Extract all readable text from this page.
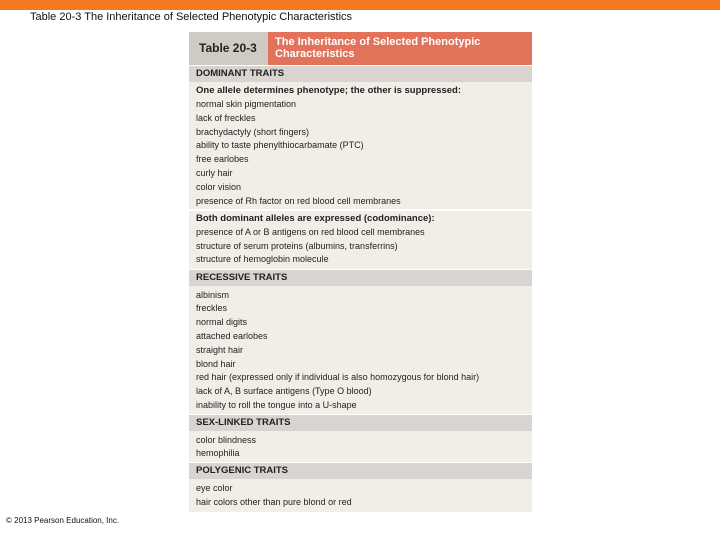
Table 20-3 The Inheritance of Selected Phenotypic Characteristics
Table 20-3 The Inheritance of Selected Phenotypic
Characteristics
DOMINANT TRAITS
One allele determines phenotype; the other is suppressed:
normal skin pigmentation
lack of freckles
brachydactyly (short fingers)
ability to taste phenylthiocarbamate (PTC)
free earlobes
curly hair
color vision
presence of Rh factor on red blood cell membranes
Both dominant alleles are expressed (codominance):
presence of A or B antigens on red blood cell membranes
structure of serum proteins (albumins, transferrins)
structure of hemoglobin molecule
RECESSIVE TRAITS
albinism
freckles
normal digits
attached earlobes
straight hair
blond hair
red hair (expressed only if individual is also homozygous for blond hair)
lack of A, B surface antigens (Type O blood)
inability to roll the tongue into a U-shape
SEX-LINKED TRAITS
color blindness
hemophilia
POLYGENIC TRAITS
eye color
hair colors other than pure blond or red
© 2013 Pearson Education, Inc.
